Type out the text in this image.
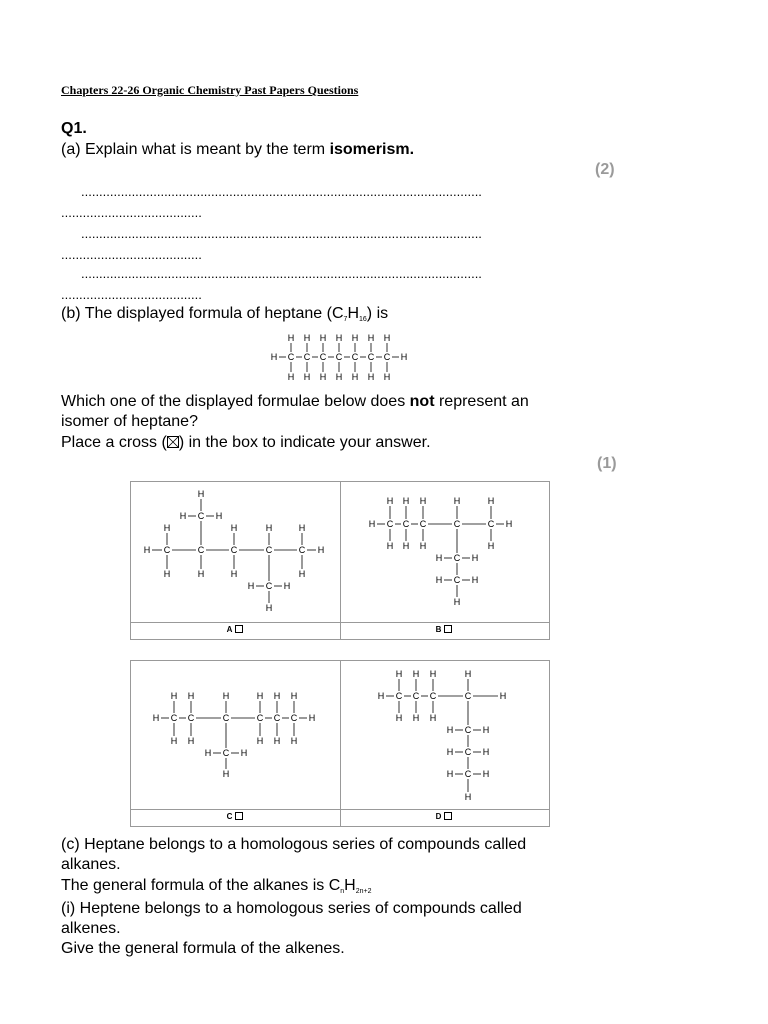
Chapters 22-26 Organic Chemistry Past Papers Questions
Q1.
(a) Explain what is meant by the term isomerism.
(2)
...............................................................................................................
.......................................
...............................................................................................................
.......................................
...............................................................................................................
.......................................
(b) The displayed formula of heptane $(C_7H_{16})$ is
C C C C C C C
H
H
H
H
H
H
H
H
H
H
H
H
H
H
H	H
Which one of the displayed formulae below does not represent an
isomer of heptane?
Place a cross (☒) in the box to indicate your answer.
(1)
C	C	C	C	C
H	H
H
H
C
H
H	H
H
H
H
H
C
H	H
H
H
H
C C C	C	C
H	H
H
H
H
H
H
H
H	H
H
C
H	H
C
H	H
H
C C	C	C C C
H	H
H
H
H
H
H
H
H
H
H
H
H
C
H	H
H
C C C	C
H	H
H
H
H
H
H
H
H
C
H	H
C
H	H
C
H	H
H
A	B
C	D
(c) Heptane belongs to a homologous series of compounds called
alkanes.
The general formula of the alkanes is $C_nH_{2n+2}$
(i) Heptene belongs to a homologous series of compounds called
alkenes.
Give the general formula of the alkenes.
